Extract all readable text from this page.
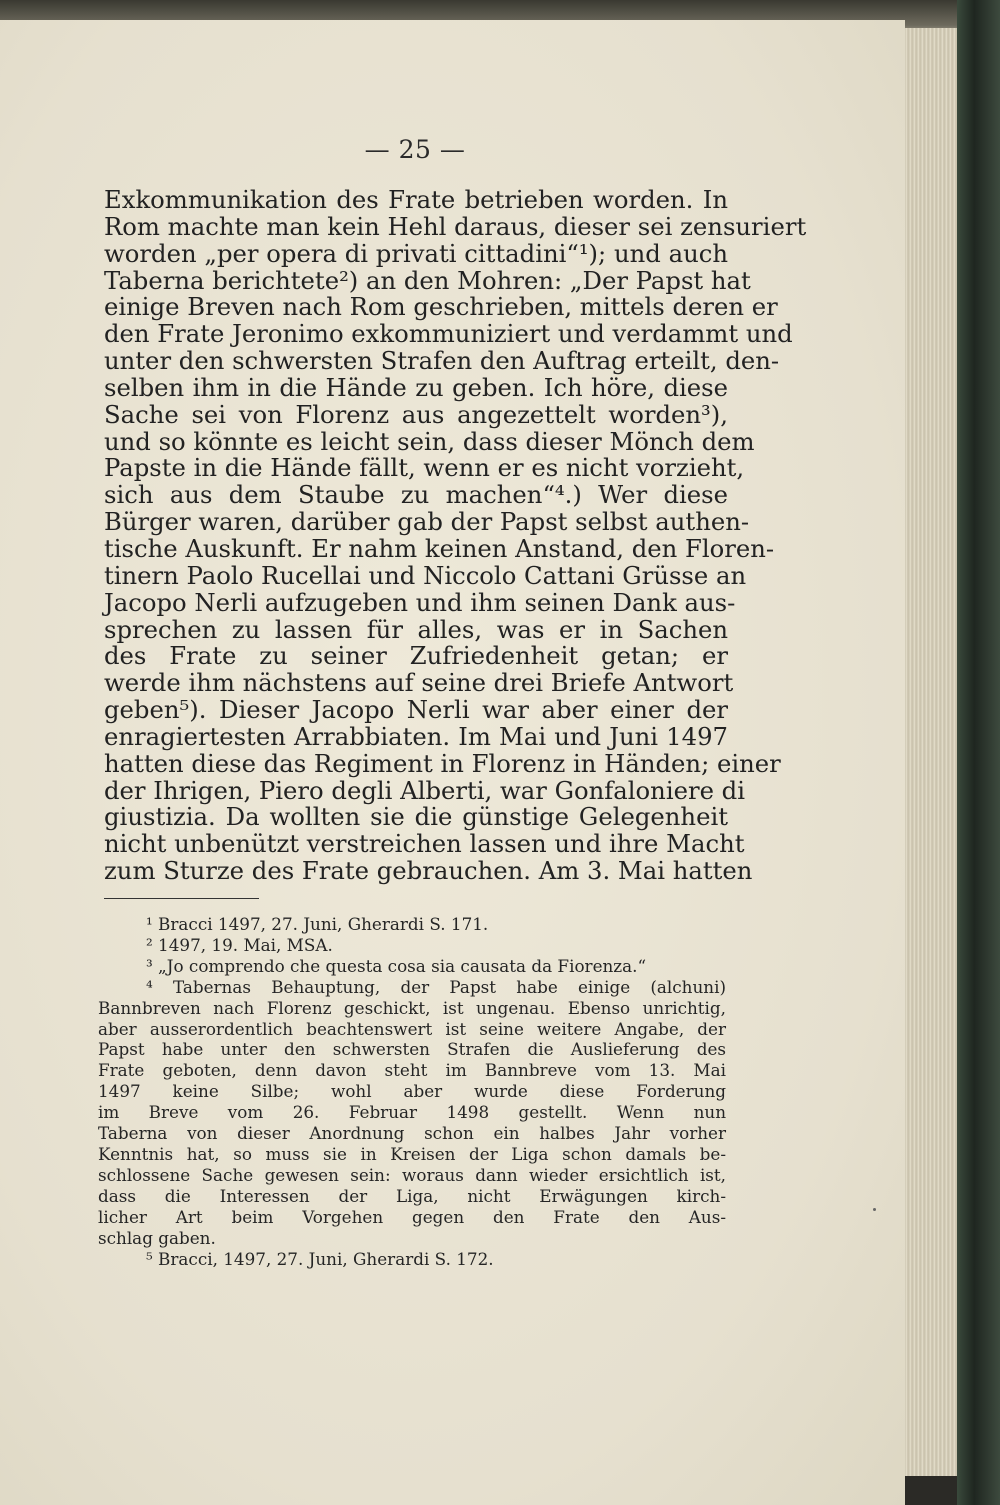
— 25 —
Exkommunikation des Frate betrieben worden. In
Rom machte man kein Hehl daraus, dieser sei zensuriert
worden „per opera di privati cittadini“¹); und auch
Taberna berichtete²) an den Mohren: „Der Papst hat
einige Breven nach Rom geschrieben, mittels deren er
den Frate Jeronimo exkommuniziert und verdammt und
unter den schwersten Strafen den Auftrag erteilt, den-
selben ihm in die Hände zu geben. Ich höre, diese
Sache sei von Florenz aus angezettelt worden³),
und so könnte es leicht sein, dass dieser Mönch dem
Papste in die Hände fällt, wenn er es nicht vorzieht,
sich aus dem Staube zu machen“⁴.) Wer diese
Bürger waren, darüber gab der Papst selbst authen-
tische Auskunft. Er nahm keinen Anstand, den Floren-
tinern Paolo Rucellai und Niccolo Cattani Grüsse an
Jacopo Nerli aufzugeben und ihm seinen Dank aus-
sprechen zu lassen für alles, was er in Sachen
des Frate zu seiner Zufriedenheit getan; er
werde ihm nächstens auf seine drei Briefe Antwort
geben⁵). Dieser Jacopo Nerli war aber einer der
enragiertesten Arrabbiaten. Im Mai und Juni 1497
hatten diese das Regiment in Florenz in Händen; einer
der Ihrigen, Piero degli Alberti, war Gonfaloniere di
giustizia. Da wollten sie die günstige Gelegenheit
nicht unbenützt verstreichen lassen und ihre Macht
zum Sturze des Frate gebrauchen. Am 3. Mai hatten
¹ Bracci 1497, 27. Juni, Gherardi S. 171.
² 1497, 19. Mai, MSA.
³ „Jo comprendo che questa cosa sia causata da Fiorenza.“
⁴ Tabernas Behauptung, der Papst habe einige (alchuni)
Bannbreven nach Florenz geschickt, ist ungenau. Ebenso unrichtig,
aber ausserordentlich beachtenswert ist seine weitere Angabe, der
Papst habe unter den schwersten Strafen die Auslieferung des
Frate geboten, denn davon steht im Bannbreve vom 13. Mai
1497 keine Silbe; wohl aber wurde diese Forderung
im Breve vom 26. Februar 1498 gestellt. Wenn nun
Taberna von dieser Anordnung schon ein halbes Jahr vorher
Kenntnis hat, so muss sie in Kreisen der Liga schon damals be-
schlossene Sache gewesen sein: woraus dann wieder ersichtlich ist,
dass die Interessen der Liga, nicht Erwägungen kirch-
licher Art beim Vorgehen gegen den Frate den Aus-
schlag gaben.
⁵ Bracci, 1497, 27. Juni, Gherardi S. 172.
